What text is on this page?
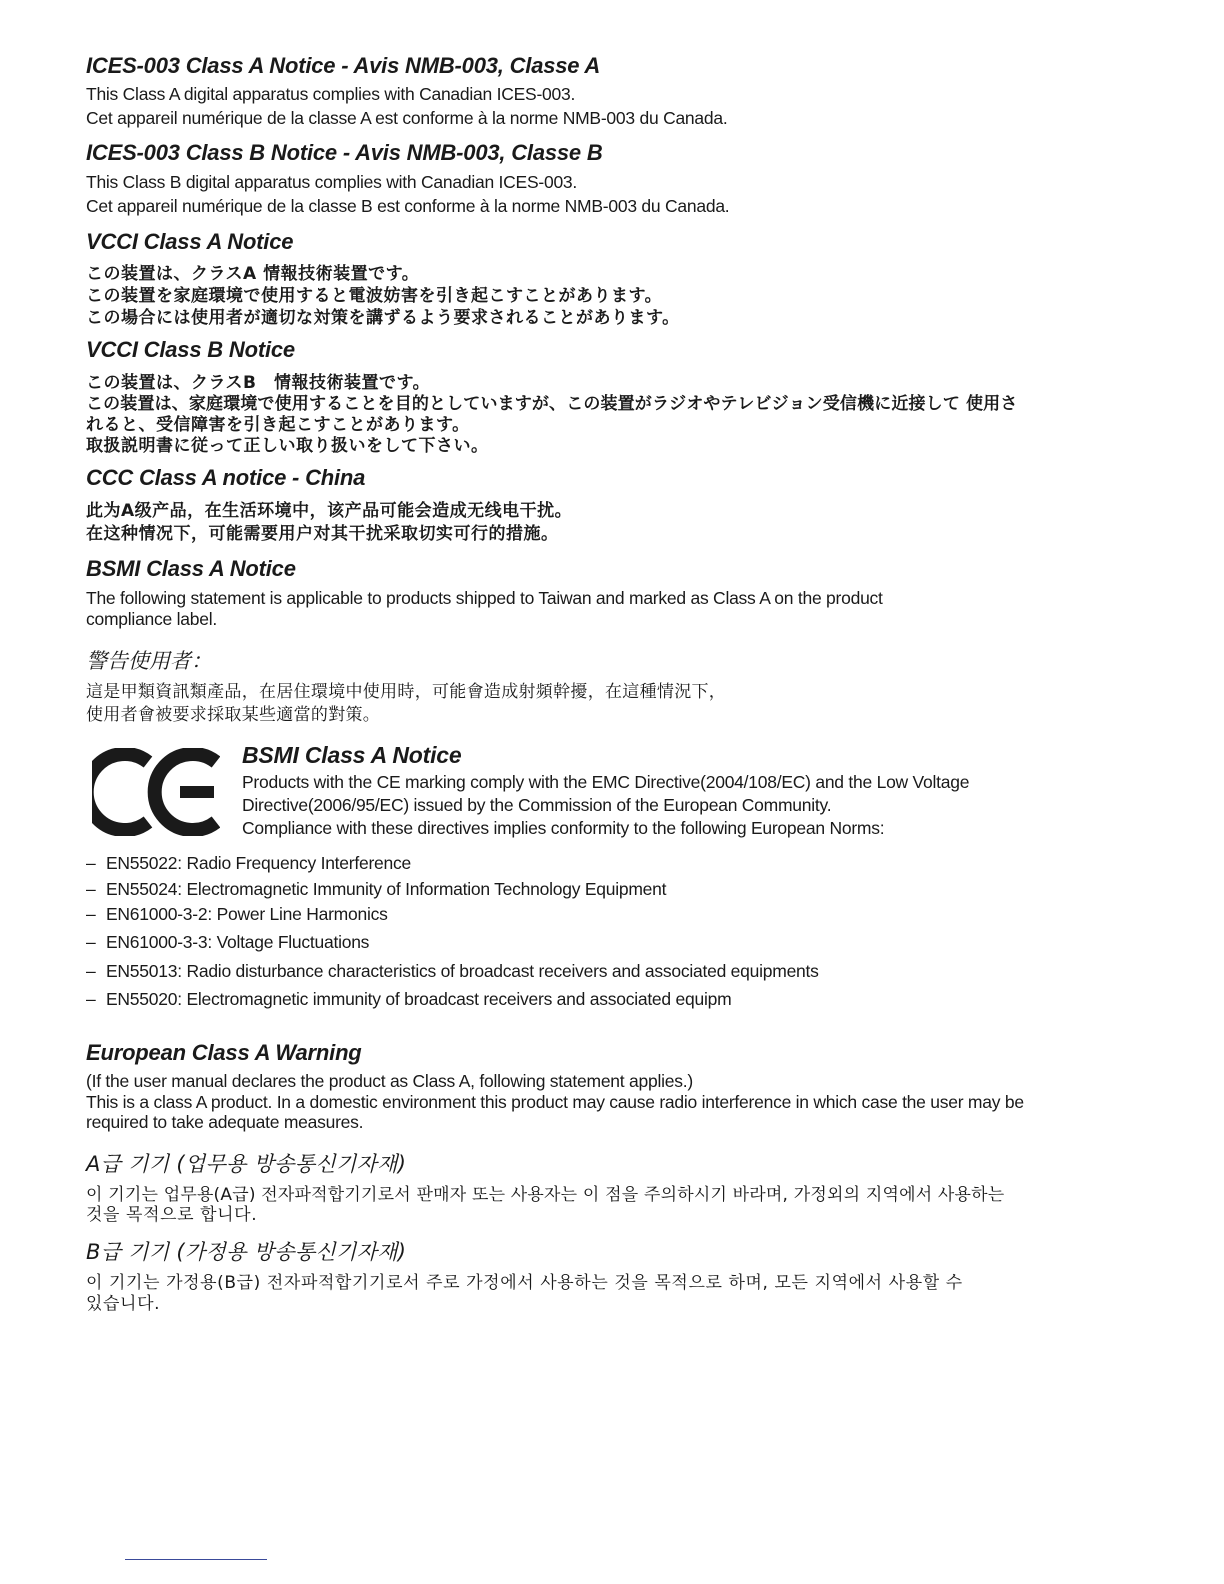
ICES-003 Class A Notice - Avis NMB-003, Classe A
This Class A digital apparatus complies with Canadian ICES-003.
Cet appareil numérique de la classe A est conforme à la norme NMB-003 du Canada.
ICES-003 Class B Notice - Avis NMB-003, Classe B
This Class B digital apparatus complies with Canadian ICES-003.
Cet appareil numérique de la classe B est conforme à la norme NMB-003 du Canada.
VCCI Class A Notice
この装置は、クラスA 情報技術装置です。
この装置を家庭環境で使用すると電波妨害を引き起こすことがあります。
この場合には使用者が適切な対策を講ずるよう要求されることがあります。
VCCI Class B Notice
この装置は、クラスB　情報技術装置です。
この装置は、家庭環境で使用することを目的としていますが、この装置がラジオやテレビジョン受信機に近接して 使用さ
れると、受信障害を引き起こすことがあります。
取扱説明書に従って正しい取り扱いをして下さい。
CCC Class A notice - China
此为A级产品，在生活环境中，该产品可能会造成无线电干扰。
在这种情况下，可能需要用户对其干扰采取切实可行的措施。
BSMI Class A Notice
The following statement is applicable to products shipped to Taiwan and marked as Class A on the product
compliance label.
警告使用者：
這是甲類資訊類產品，在居住環境中使用時，可能會造成射頻幹擾，在這種情況下，
使用者會被要求採取某些適當的對策。
BSMI Class A Notice
Products with the CE marking comply with the EMC Directive(2004/108/EC) and the Low Voltage
Directive(2006/95/EC) issued by the Commission of the European Community.
Compliance with these directives implies conformity to the following European Norms:
– EN55022: Radio Frequency Interference
– EN55024: Electromagnetic Immunity of Information Technology Equipment
– EN61000-3-2: Power Line Harmonics
– EN61000-3-3: Voltage Fluctuations
– EN55013: Radio disturbance characteristics of broadcast receivers and associated equipments
– EN55020: Electromagnetic immunity of broadcast receivers and associated equipm
European Class A Warning
(If the user manual declares the product as Class A, following statement applies.)
This is a class A product. In a domestic environment this product may cause radio interference in which case the user may be
required to take adequate measures.
A급 기기 (업무용 방송통신기자재)
이 기기는 업무용(A급) 전자파적합기기로서 판매자 또는 사용자는 이 점을 주의하시기 바라며, 가정외의 지역에서 사용하는
것을 목적으로 합니다.
B급 기기 (가정용 방송통신기자재)
이 기기는 가정용(B급) 전자파적합기기로서 주로 가정에서 사용하는 것을 목적으로 하며, 모든 지역에서 사용할 수
있습니다.
